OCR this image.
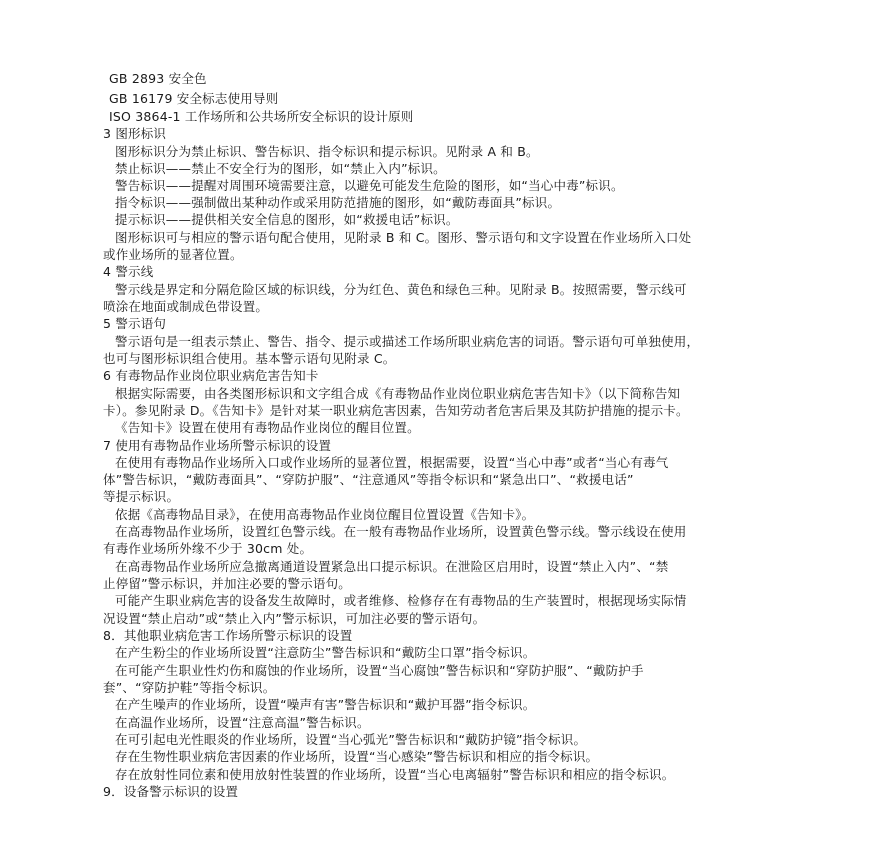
GB 2893 安全色
GB 16179 安全标志使用导则
ISO 3864-1 工作场所和公共场所安全标识的设计原则
3 图形标识
图形标识分为禁止标识、警告标识、指令标识和提示标识。见附录 A 和 B。
禁止标识——禁止不安全行为的图形，如“禁止入内”标识。
警告标识——提醒对周围环境需要注意，以避免可能发生危险的图形，如“当心中毒”标识。
指令标识——强制做出某种动作或采用防范措施的图形，如“戴防毒面具”标识。
提示标识——提供相关安全信息的图形，如“救援电话”标识。
图形标识可与相应的警示语句配合使用，见附录 B 和 C。图形、警示语句和文字设置在作业场所入口处
或作业场所的显著位置。
4 警示线
警示线是界定和分隔危险区域的标识线，分为红色、黄色和绿色三种。见附录 B。按照需要，警示线可
喷涂在地面或制成色带设置。
5 警示语句
警示语句是一组表示禁止、警告、指令、提示或描述工作场所职业病危害的词语。警示语句可单独使用，
也可与图形标识组合使用。基本警示语句见附录 C。
6 有毒物品作业岗位职业病危害告知卡
根据实际需要，由各类图形标识和文字组合成《有毒物品作业岗位职业病危害告知卡》（以下简称告知
卡）。参见附录 D。《告知卡》是针对某一职业病危害因素，告知劳动者危害后果及其防护措施的提示卡。
《告知卡》设置在使用有毒物品作业岗位的醒目位置。
7 使用有毒物品作业场所警示标识的设置
在使用有毒物品作业场所入口或作业场所的显著位置，根据需要，设置“当心中毒”或者“当心有毒气
体”警告标识，“戴防毒面具”、“穿防护服”、“注意通风”等指令标识和“紧急出口”、“救援电话”
等提示标识。
依据《高毒物品目录》，在使用高毒物品作业岗位醒目位置设置《告知卡》。
在高毒物品作业场所，设置红色警示线。在一般有毒物品作业场所，设置黄色警示线。警示线设在使用
有毒作业场所外缘不少于 30cm 处。
在高毒物品作业场所应急撤离通道设置紧急出口提示标识。在泄险区启用时，设置“禁止入内”、“禁
止停留”警示标识，并加注必要的警示语句。
可能产生职业病危害的设备发生故障时，或者维修、检修存在有毒物品的生产装置时，根据现场实际情
况设置“禁止启动”或“禁止入内”警示标识，可加注必要的警示语句。
8．其他职业病危害工作场所警示标识的设置
在产生粉尘的作业场所设置“注意防尘”警告标识和“戴防尘口罩”指令标识。
在可能产生职业性灼伤和腐蚀的作业场所，设置“当心腐蚀”警告标识和“穿防护服”、“戴防护手
套”、“穿防护鞋”等指令标识。
在产生噪声的作业场所，设置“噪声有害”警告标识和“戴护耳器”指令标识。
在高温作业场所，设置“注意高温”警告标识。
在可引起电光性眼炎的作业场所，设置“当心弧光”警告标识和“戴防护镜”指令标识。
存在生物性职业病危害因素的作业场所，设置“当心感染”警告标识和相应的指令标识。
存在放射性同位素和使用放射性装置的作业场所，设置“当心电离辐射”警告标识和相应的指令标识。
9．设备警示标识的设置
